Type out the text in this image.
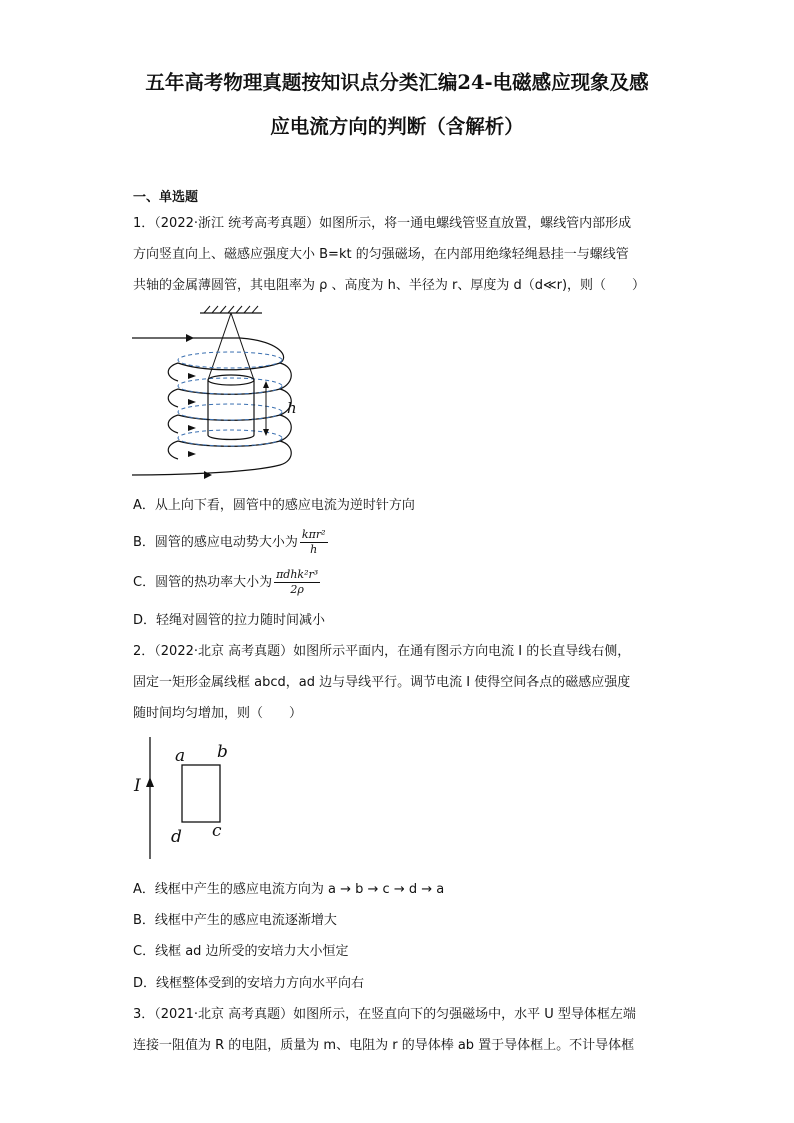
五年高考物理真题按知识点分类汇编24-电磁感应现象及感
应电流方向的判断（含解析）
一、单选题
1．（2022·浙江 统考高考真题）如图所示，将一通电螺线管竖直放置，螺线管内部形成
方向竖直向上、磁感应强度大小 B=kt 的匀强磁场，在内部用绝缘轻绳悬挂一与螺线管
共轴的金属薄圆管，其电阻率为 ρ 、高度为 h、半径为 r、厚度为 d（d≪r)，则（　　）
h
A．从上向下看，圆管中的感应电流为逆时针方向
B．圆管的感应电动势大小为 $\frac{\text{kπr²}}{h}$
C．圆管的热功率大小为 $\frac{\text{πdhk²r³}}{2\rho}$
D．轻绳对圆管的拉力随时间减小
2．（2022·北京 高考真题）如图所示平面内，在通有图示方向电流 I 的长直导线右侧，
固定一矩形金属线框 abcd，ad 边与导线平行。调节电流 I 使得空间各点的磁感应强度
随时间均匀增加，则（　　）
I
a b
c
d
A．线框中产生的感应电流方向为 a → b → c → d → a
B．线框中产生的感应电流逐渐增大
C．线框 ad 边所受的安培力大小恒定
D．线框整体受到的安培力方向水平向右
3．（2021·北京 高考真题）如图所示，在竖直向下的匀强磁场中，水平 U 型导体框左端
连接一阻值为 R 的电阻，质量为 m、电阻为 r 的导体棒 ab 置于导体框上。不计导体框
